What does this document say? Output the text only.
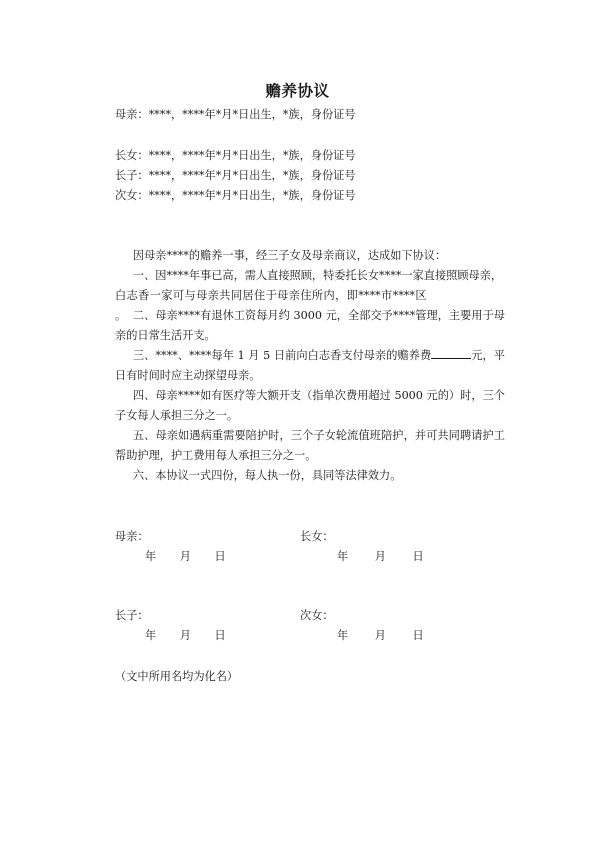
赡养协议
母亲：****，****年*月*日出生，*族，身份证号
长女：****，****年*月*日出生，*族，身份证号
长子：****，****年*月*日出生，*族，身份证号
次女：****，****年*月*日出生，*族，身份证号
因母亲****的赡养一事，经三子女及母亲商议，达成如下协议：
一、因****年事已高，需人直接照顾，特委托长女****一家直接照顾母亲，
白志香一家可与母亲共同居住于母亲住所内，即****市****区。 二、母亲****有退休工资每月约 3000 元，全部交予****管理，主要用于母亲的日常生活开支。
三、****、****每年 1 月 5 日前向白志香支付母亲的赡养费	元，平日有时间时应主动探望母亲。
四、母亲****如有医疗等大额开支（指单次费用超过 5000 元的）时，三个子女每人承担三分之一。
五、母亲如遇病重需要陪护时，三个子女轮流值班陪护，并可共同聘请护工帮助护理，护工费用每人承担三分之一。
六、本协议一式四份，每人执一份，具同等法律效力。
母亲：	长女：
年 月 日	年 月 日
长子：	次女：
年 月 日	年 月 日
（文中所用名均为化名）
